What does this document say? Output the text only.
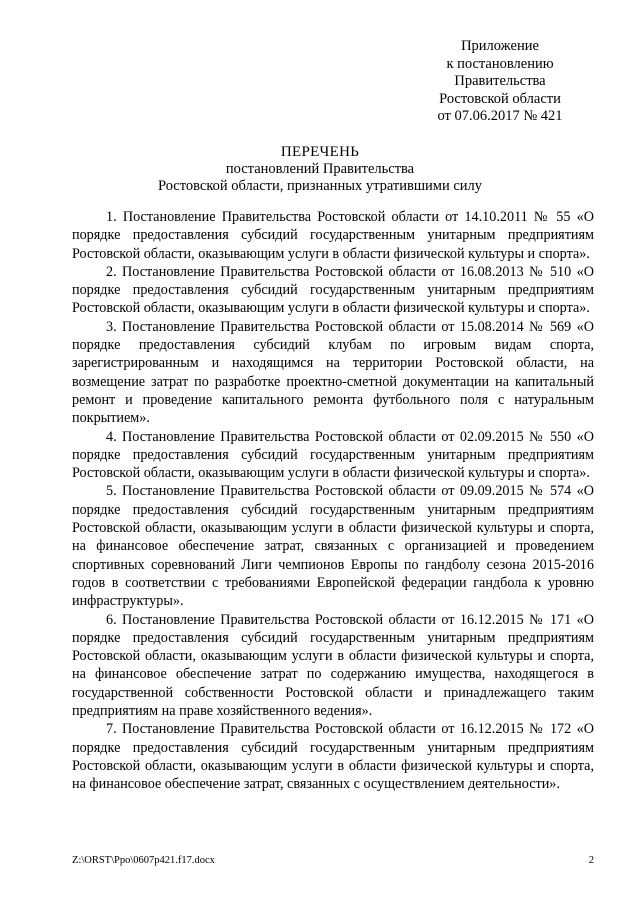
Приложение
к постановлению
Правительства
Ростовской области
от 07.06.2017 № 421
ПЕРЕЧЕНЬ
постановлений Правительства
Ростовской области, признанных утратившими силу

1. Постановление Правительства Ростовской области от 14.10.2011 № 55 «О порядке предоставления субсидий государственным унитарным предприятиям Ростовской области, оказывающим услуги в области физической культуры и спорта».

2. Постановление Правительства Ростовской области от 16.08.2013 № 510 «О порядке предоставления субсидий государственным унитарным предприятиям Ростовской области, оказывающим услуги в области физической культуры и спорта».

3. Постановление Правительства Ростовской области от 15.08.2014 № 569 «О порядке предоставления субсидий клубам по игровым видам спорта, зарегистрированным и находящимся на территории Ростовской области, на возмещение затрат по разработке проектно-сметной документации на капитальный ремонт и проведение капитального ремонта футбольного поля с натуральным покрытием».

4. Постановление Правительства Ростовской области от 02.09.2015 № 550 «О порядке предоставления субсидий государственным унитарным предприятиям Ростовской области, оказывающим услуги в области физической культуры и спорта».

5. Постановление Правительства Ростовской области от 09.09.2015 № 574 «О порядке предоставления субсидий государственным унитарным предприятиям Ростовской области, оказывающим услуги в области физической культуры и спорта, на финансовое обеспечение затрат, связанных с организацией и проведением спортивных соревнований Лиги чемпионов Европы по гандболу сезона 2015-2016 годов в соответствии с требованиями Европейской федерации гандбола к уровню инфраструктуры».

6. Постановление Правительства Ростовской области от 16.12.2015 № 171 «О порядке предоставления субсидий государственным унитарным предприятиям Ростовской области, оказывающим услуги в области физической культуры и спорта, на финансовое обеспечение затрат по содержанию имущества, находящегося в государственной собственности Ростовской области и принадлежащего таким предприятиям на праве хозяйственного ведения».

7. Постановление Правительства Ростовской области от 16.12.2015 № 172 «О порядке предоставления субсидий государственным унитарным предприятиям Ростовской области, оказывающим услуги в области физической культуры и спорта, на финансовое обеспечение затрат, связанных с осуществлением деятельности».

Z:\ORST\Ppo\0607p421.f17.docx	2
